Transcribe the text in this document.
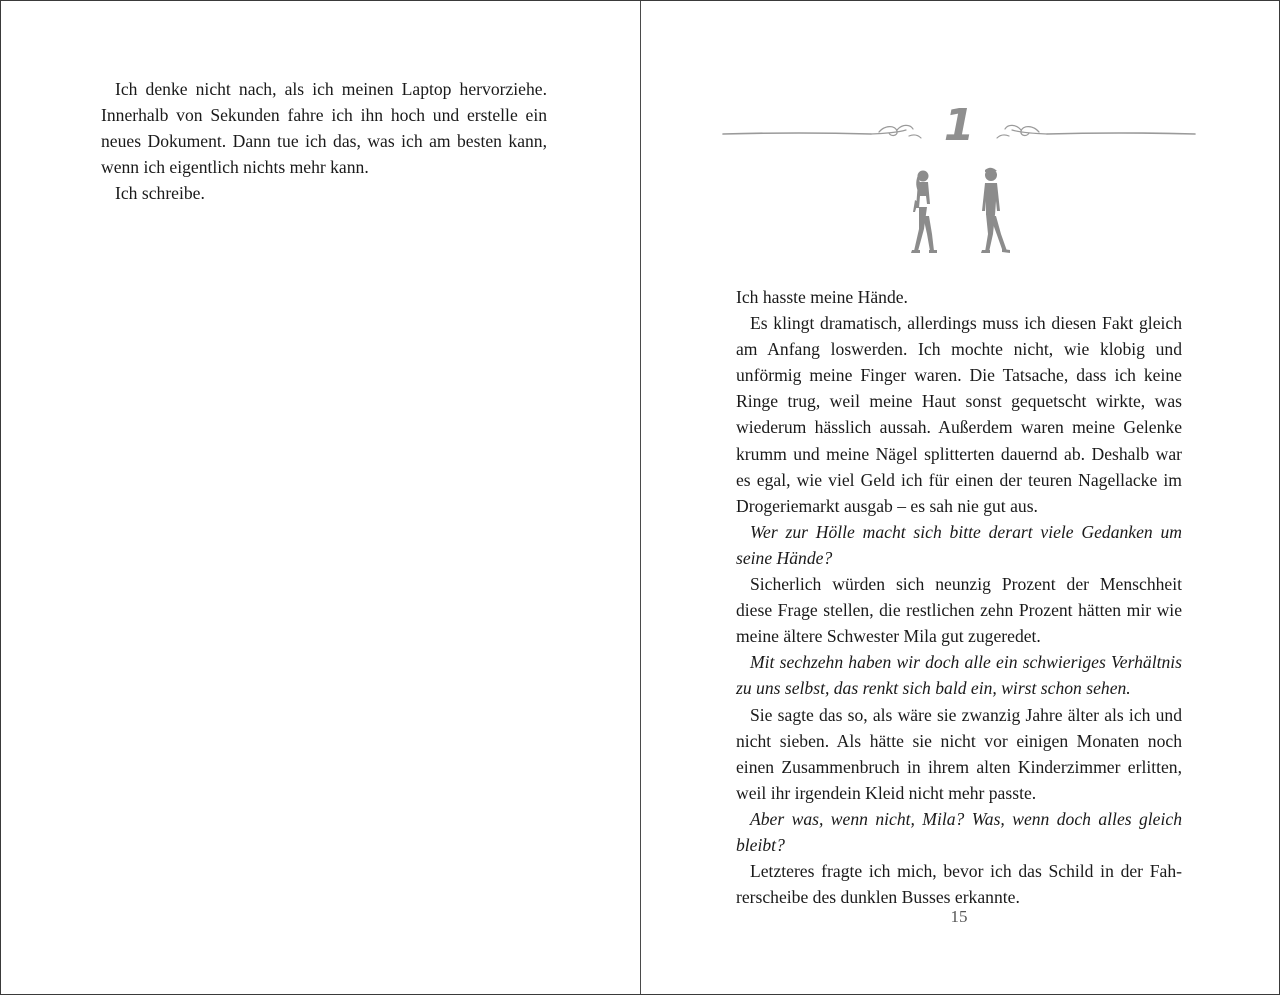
Ich denke nicht nach, als ich meinen Laptop hervorziehe. Innerhalb von Sekunden fahre ich ihn hoch und erstelle ein neues Dokument. Dann tue ich das, was ich am besten kann, wenn ich eigentlich nichts mehr kann.

Ich schreibe.

1

Ich hasste meine Hände.

Es klingt dramatisch, allerdings muss ich diesen Fakt gleich am Anfang loswerden. Ich mochte nicht, wie klobig und unförmig meine Finger waren. Die Tatsache, dass ich keine Ringe trug, weil meine Haut sonst gequetscht wirkte, was wiederum hässlich aussah. Außerdem waren meine Gelenke krumm und meine Nägel splitterten dauernd ab. Deshalb war es egal, wie viel Geld ich für einen der teuren Nagellacke im Drogeriemarkt ausgab – es sah nie gut aus.

Wer zur Hölle macht sich bitte derart viele Gedanken um seine Hände?

Sicherlich würden sich neunzig Prozent der Menschheit diese Frage stellen, die restlichen zehn Prozent hätten mir wie meine ältere Schwester Mila gut zugeredet.

Mit sechzehn haben wir doch alle ein schwieriges Verhältnis zu uns selbst, das renkt sich bald ein, wirst schon sehen.

Sie sagte das so, als wäre sie zwanzig Jahre älter als ich und nicht sieben. Als hätte sie nicht vor einigen Monaten noch einen Zusammenbruch in ihrem alten Kinderzimmer erlitten, weil ihr irgendein Kleid nicht mehr passte.

Aber was, wenn nicht, Mila? Was, wenn doch alles gleich bleibt?

Letzteres fragte ich mich, bevor ich das Schild in der Fahrerscheibe des dunklen Busses erkannte.

15
